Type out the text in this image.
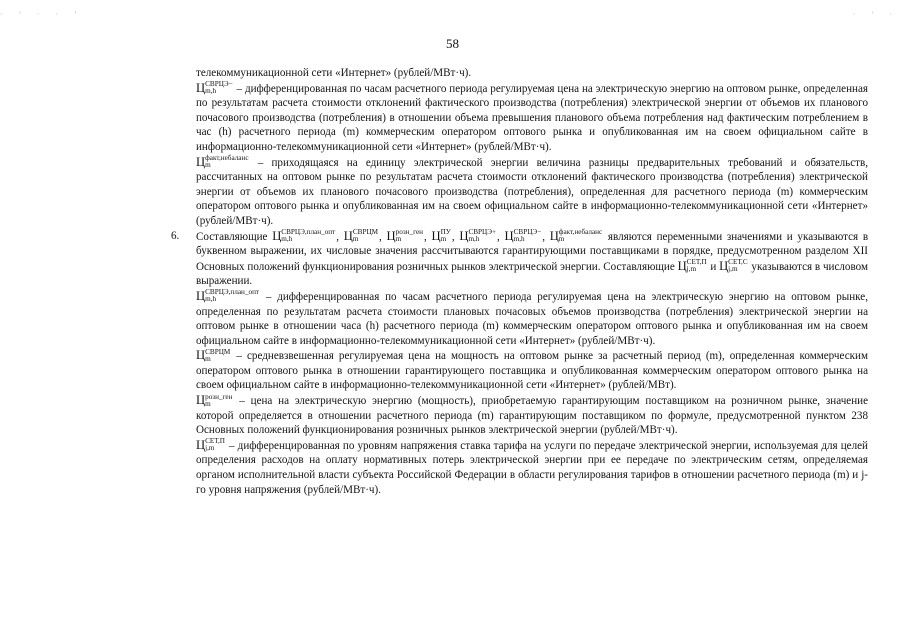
· ’ · · ’	· ’ ·
58
6.

телекоммуникационной сети «Интернет» (рублей/МВт·ч).

Ц СВРЦЭ−
m,h	– дифференцированная по часам расчетного периода регулируемая цена на электрическую энергию на оптовом рынке, определенная по результатам расчета стоимости отклонений фактического производства (потребления) электрической энергии от объемов их планового почасового производства (потребления) в отношении объема превышения планового объема потребления над фактическим потреблением в час (h) расчетного периода (m) коммерческим оператором оптового рынка и опубликованная им на своем официальном сайте в информационно-телекоммуникационной сети «Интернет» (рублей/МВт·ч).

Ц факт,небаланс
m	– приходящаяся на единицу электрической энергии величина разницы предварительных требований и обязательств, рассчитанных на оптовом рынке по результатам расчета стоимости отклонений фактического производства (потребления) электрической энергии от объемов их планового почасового производства (потребления), определенная для расчетного периода (m) коммерческим оператором оптового рынка и опубликованная им на своем официальном сайте в информационно-телекоммуникационной сети «Интернет» (рублей/МВт·ч).

Составляющие Ц СВРЦЭ,план_опт
m,h	, Ц СВРЦМ
m	, Ц розн_ген
m	, Ц ПУ
m , Ц СВРЦЭ+
m,h	, Ц СВРЦЭ−
m,h	, Ц факт,небаланс
m	являются переменными значениями и указываются в буквенном выражении, их числовые значения рассчитываются гарантирующими поставщиками в порядке, предусмотренном разделом XII Основных положений функционирования розничных рынков электрической энергии. Составляющие Ц СЕТ,П
j,m	и Ц СЕТ,С
j,m указываются в числовом выражении.

Ц СВРЦЭ,план_опт
m,h	– дифференцированная по часам расчетного периода регулируемая цена на электрическую энергию на оптовом рынке, определенная по результатам расчета стоимости плановых почасовых объемов производства (потребления) электрической энергии на оптовом рынке в отношении часа (h) расчетного периода (m) коммерческим оператором оптового рынка и опубликованная им на своем официальном сайте в информационно-телекоммуникационной сети «Интернет» (рублей/МВт·ч).

Ц СВРЦМ
m	– средневзвешенная регулируемая цена на мощность на оптовом рынке за расчетный период (m), определенная коммерческим оператором оптового рынка в отношении гарантирующего поставщика и опубликованная коммерческим оператором оптового рынка на своем официальном сайте в информационно-телекоммуникационной сети «Интернет» (рублей/МВт).

Ц розн_ген
m	– цена на электрическую энергию (мощность), приобретаемую гарантирующим поставщиком на розничном рынке, значение которой определяется в отношении расчетного периода (m) гарантирующим поставщиком по формуле, предусмотренной пунктом 238 Основных положений функционирования розничных рынков электрической энергии (рублей/МВт·ч).

Ц СЕТ,П
j,m	– дифференцированная по уровням напряжения ставка тарифа на услуги по передаче электрической энергии, используемая для целей определения расходов на оплату нормативных потерь электрической энергии при ее передаче по электрическим сетям, определяемая органом исполнительной власти субъекта Российской Федерации в области регулирования тарифов в отношении расчетного периода (m) и j-го уровня напряжения (рублей/МВт·ч).
